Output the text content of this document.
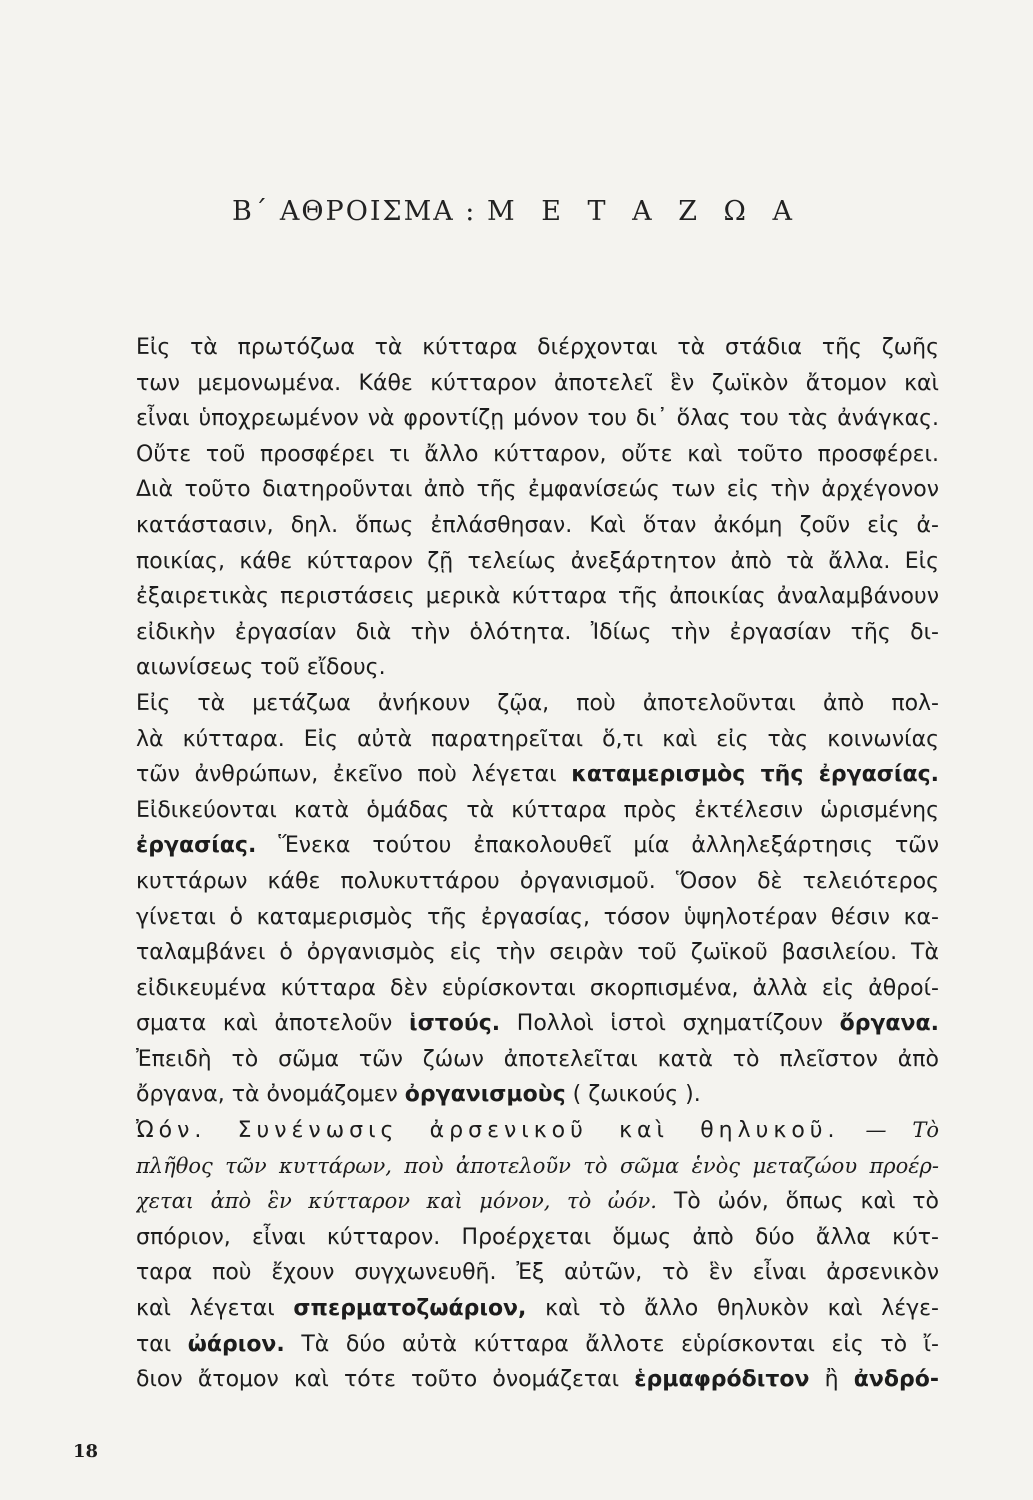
Β΄ ΑΘΡΟΙΣΜΑ : Μ Ε Τ Α Ζ Ω Α
Εἰς τὰ πρωτόζωα τὰ κύτταρα διέρχονται τὰ στάδια τῆς ζωῆς
των μεμονωμένα. Κάθε κύτταρον ἀποτελεῖ ἓν ζωϊκὸν ἄτομον καὶ
εἶναι ὑποχρεωμένον νὰ φροντίζῃ μόνον του δι᾽ ὅλας του τὰς ἀνάγκας.
Οὔτε τοῦ προσφέρει τι ἄλλο κύτταρον, οὔτε καὶ τοῦτο προσφέρει.
Διὰ τοῦτο διατηροῦνται ἀπὸ τῆς ἐμφανίσεώς των εἰς τὴν ἀρχέγονον
κατάστασιν, δηλ. ὅπως ἐπλάσθησαν. Καὶ ὅταν ἀκόμη ζοῦν εἰς ἀ-
ποικίας, κάθε κύτταρον ζῇ τελείως ἀνεξάρτητον ἀπὸ τὰ ἄλλα. Εἰς
ἐξαιρετικὰς περιστάσεις μερικὰ κύτταρα τῆς ἀποικίας ἀναλαμβάνουν
εἰδικὴν ἐργασίαν διὰ τὴν ὁλότητα. Ἰδίως τὴν ἐργασίαν τῆς δι-
αιωνίσεως τοῦ εἴδους.
Εἰς τὰ μετάζωα ἀνήκουν ζῷα, ποὺ ἀποτελοῦνται ἀπὸ πολ-
λὰ κύτταρα. Εἰς αὐτὰ παρατηρεῖται ὅ,τι καὶ εἰς τὰς κοινωνίας
τῶν ἀνθρώπων, ἐκεῖνο ποὺ λέγεται καταμερισμὸς τῆς ἐργασίας.
Εἰδικεύονται κατὰ ὁμάδας τὰ κύτταρα πρὸς ἐκτέλεσιν ὡρισμένης
ἐργασίας. Ἕνεκα τούτου ἐπακολουθεῖ μία ἀλληλεξάρτησις τῶν
κυττάρων κάθε πολυκυττάρου ὀργανισμοῦ. Ὅσον δὲ τελειότερος
γίνεται ὁ καταμερισμὸς τῆς ἐργασίας, τόσον ὑψηλοτέραν θέσιν κα-
ταλαμβάνει ὁ ὀργανισμὸς εἰς τὴν σειρὰν τοῦ ζωϊκοῦ βασιλείου. Τὰ
εἰδικευμένα κύτταρα δὲν εὑρίσκονται σκορπισμένα, ἀλλὰ εἰς ἀθροί-
σματα καὶ ἀποτελοῦν ἱστούς. Πολλοὶ ἱστοὶ σχηματίζουν ὄργανα.
Ἐπειδὴ τὸ σῶμα τῶν ζώων ἀποτελεῖται κατὰ τὸ πλεῖστον ἀπὸ
ὄργανα, τὰ ὀνομάζομεν ὀργανισμοὺς ( ζωικούς ).
Ὠόν. Συνένωσις ἀρσενικοῦ καὶ θηλυκοῦ. — Τὸ
πλῆθος τῶν κυττάρων, ποὺ ἀποτελοῦν τὸ σῶμα ἑνὸς μεταζώου προέρ-
χεται ἀπὸ ἓν κύτταρον καὶ μόνον, τὸ ὠόν. Τὸ ὠόν, ὅπως καὶ τὸ
σπόριον, εἶναι κύτταρον. Προέρχεται ὅμως ἀπὸ δύο ἄλλα κύτ-
ταρα ποὺ ἔχουν συγχωνευθῆ. Ἐξ αὐτῶν, τὸ ἓν εἶναι ἀρσενικὸν
καὶ λέγεται σπερματοζωάριον, καὶ τὸ ἄλλο θηλυκὸν καὶ λέγε-
ται ὠάριον. Τὰ δύο αὐτὰ κύτταρα ἄλλοτε εὑρίσκονται εἰς τὸ ἴ-
διον ἄτομον καὶ τότε τοῦτο ὀνομάζεται ἑρμαφρόδιτον ἢ ἀνδρό-
18
